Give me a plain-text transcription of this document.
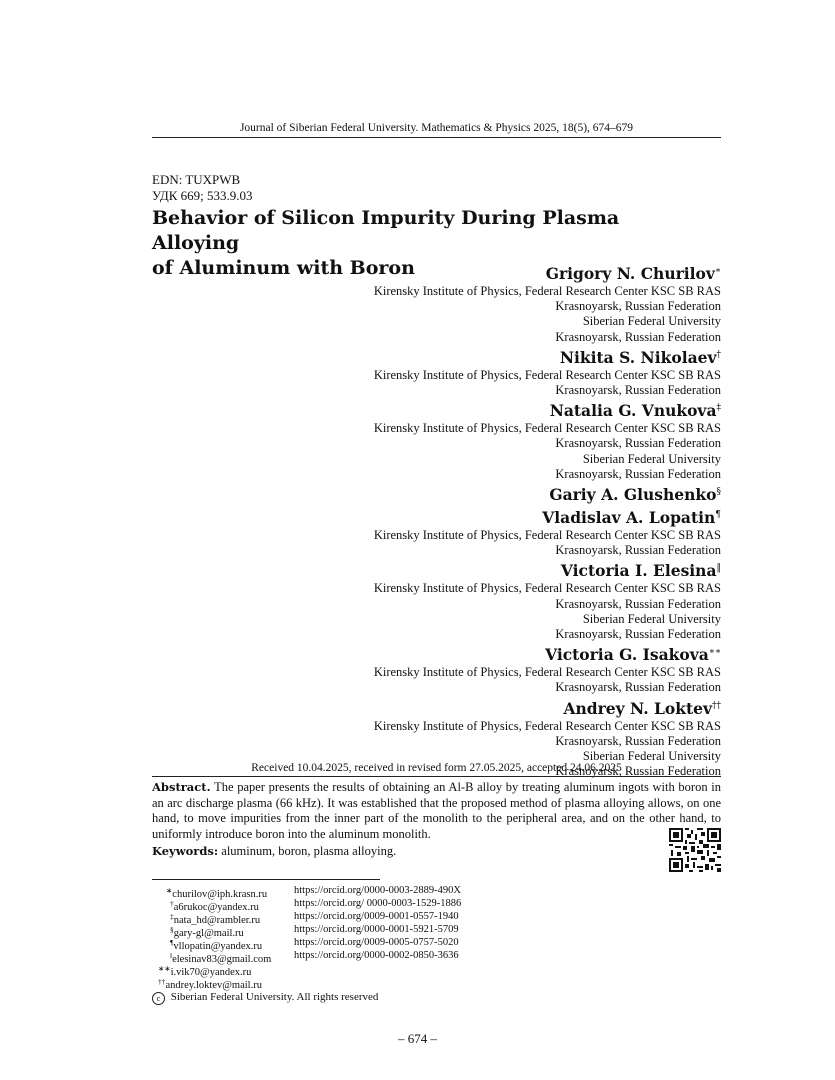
Journal of Siberian Federal University. Mathematics & Physics 2025, 18(5), 674–679
EDN: TUXPWB
УДК 669; 533.9.03
Behavior of Silicon Impurity During Plasma Alloying
of Aluminum with Boron	Grigory N. Churilov∗
Kirensky Institute of Physics, Federal Research Center KSC SB RAS
Krasnoyarsk, Russian Federation
Siberian Federal University
Krasnoyarsk, Russian Federation
Nikita S. Nikolaev†
Kirensky Institute of Physics, Federal Research Center KSC SB RAS
Krasnoyarsk, Russian Federation
Natalia G. Vnukova‡
Kirensky Institute of Physics, Federal Research Center KSC SB RAS
Krasnoyarsk, Russian Federation
Siberian Federal University
Krasnoyarsk, Russian Federation
Gariy A. Glushenko§
Vladislav A. Lopatin¶
Kirensky Institute of Physics, Federal Research Center KSC SB RAS
Krasnoyarsk, Russian Federation
Victoria I. Elesina‖
Kirensky Institute of Physics, Federal Research Center KSC SB RAS
Krasnoyarsk, Russian Federation
Siberian Federal University
Krasnoyarsk, Russian Federation
Victoria G. Isakova∗∗
Kirensky Institute of Physics, Federal Research Center KSC SB RAS
Krasnoyarsk, Russian Federation
Andrey N. Loktev††
Kirensky Institute of Physics, Federal Research Center KSC SB RAS
Krasnoyarsk, Russian Federation
Siberian Federal University
Krasnoyarsk, Russian Federation
Received 10.04.2025, received in revised form 27.05.2025, accepted 24.06.2025

Abstract. The paper presents the results of obtaining an Al-B alloy by treating aluminum ingots with boron in an arc discharge plasma (66 kHz). It was established that the proposed method of plasma alloying allows, on one hand, to move impurities from the inner part of the monolith to the peripheral area, and on the other hand, to uniformly introduce boron into the aluminum monolith.

Keywords: aluminum, boron, plasma alloying.
∗churilov@iph.krasn.ru	https://orcid.org/0000-0003-2889-490X
†a6rukoc@yandex.ru	https://orcid.org/ 0000-0003-1529-1886
‡nata_hd@rambler.ru	https://orcid.org/0009-0001-0557-1940
§gary-gl@mail.ru	https://orcid.org/0000-0001-5921-5709
¶vllopatin@yandex.ru	https://orcid.org/0009-0005-0757-5020
‖elesinav83@gmail.com	https://orcid.org/0000-0002-0850-3636
∗∗i.vik70@yandex.ru
††andrey.loktev@mail.ru
c Siberian Federal University. All rights reserved
– 674 –
